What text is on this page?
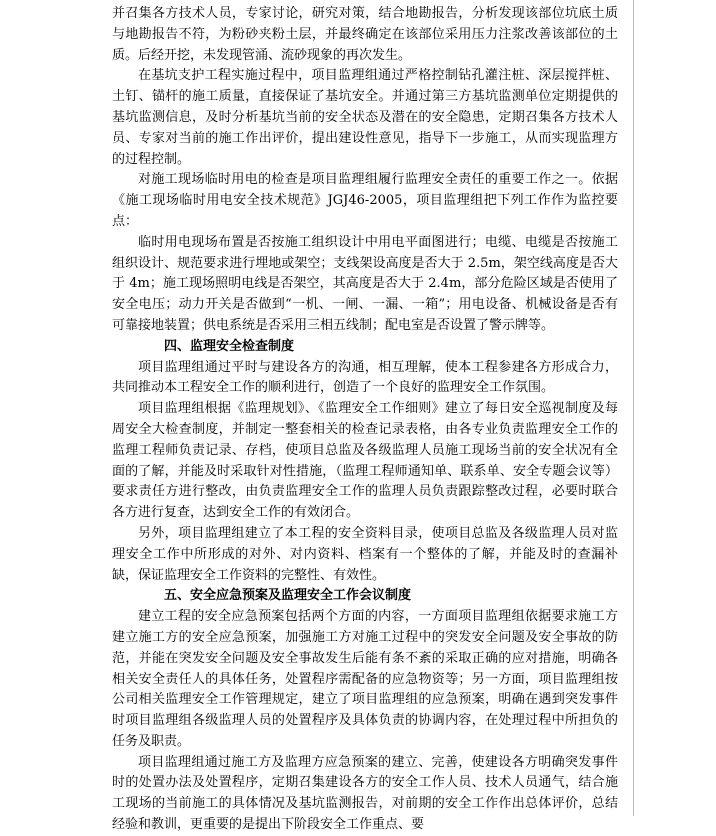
并召集各方技术人员，专家讨论，研究对策，结合地勘报告，分析发现该部位坑底土质与地勘报告不符，为粉砂夹粉土层，并最终确定在该部位采用压力注浆改善该部位的土质。后经开挖，未发现管涌、流砂现象的再次发生。

在基坑支护工程实施过程中，项目监理组通过严格控制钻孔灌注桩、深层搅拌桩、土钉、锚杆的施工质量，直接保证了基坑安全。并通过第三方基坑监测单位定期提供的基坑监测信息，及时分析基坑当前的安全状态及潜在的安全隐患，定期召集各方技术人员、专家对当前的施工作出评价，提出建设性意见，指导下一步施工，从而实现监理方的过程控制。

对施工现场临时用电的检查是项目监理组履行监理安全责任的重要工作之一。依据《施工现场临时用电安全技术规范》JGJ46-2005，项目监理组把下列工作作为监控要点：

临时用电现场布置是否按施工组织设计中用电平面图进行；电缆、电缆是否按施工组织设计、规范要求进行埋地或架空；支线架设高度是否大于 2.5m，架空线高度是否大于 4m；施工现场照明电线是否架空，其高度是否大于 2.4m，部分危险区域是否使用了安全电压；动力开关是否做到“一机、一闸、一漏、一箱”；用电设备、机械设备是否有可靠接地装置；供电系统是否采用三相五线制；配电室是否设置了警示牌等。

四、监理安全检查制度

项目监理组通过平时与建设各方的沟通，相互理解，使本工程参建各方形成合力，共同推动本工程安全工作的顺利进行，创造了一个良好的监理安全工作氛围。

项目监理组根据《监理规划》、《监理安全工作细则》建立了每日安全巡视制度及每周安全大检查制度，并制定一整套相关的检查记录表格，由各专业负责监理安全工作的监理工程师负责记录、存档，使项目总监及各级监理人员施工现场当前的安全状况有全面的了解，并能及时采取针对性措施，（监理工程师通知单、联系单、安全专题会议等）要求责任方进行整改，由负责监理安全工作的监理人员负责跟踪整改过程，必要时联合各方进行复查，达到安全工作的有效闭合。

另外，项目监理组建立了本工程的安全资料目录，使项目总监及各级监理人员对监理安全工作中所形成的对外、对内资料、档案有一个整体的了解，并能及时的查漏补缺，保证监理安全工作资料的完整性、有效性。

五、安全应急预案及监理安全工作会议制度

建立工程的安全应急预案包括两个方面的内容，一方面项目监理组依据要求施工方建立施工方的安全应急预案，加强施工方对施工过程中的突发安全问题及安全事故的防范，并能在突发安全问题及安全事故发生后能有条不紊的采取正确的应对措施，明确各相关安全责任人的具体任务，处置程序需配备的应急物资等；另一方面，项目监理组按公司相关监理安全工作管理规定，建立了项目监理组的应急预案，明确在遇到突发事件时项目监理组各级监理人员的处置程序及具体负责的协调内容，在处理过程中所担负的任务及职责。

项目监理组通过施工方及监理方应急预案的建立、完善，使建设各方明确突发事件时的处置办法及处置程序，定期召集建设各方的安全工作人员、技术人员通气，结合施工现场的当前施工的具体情况及基坑监测报告，对前期的安全工作作出总体评价，总结经验和教训，更重要的是提出下阶段安全工作重点、要
